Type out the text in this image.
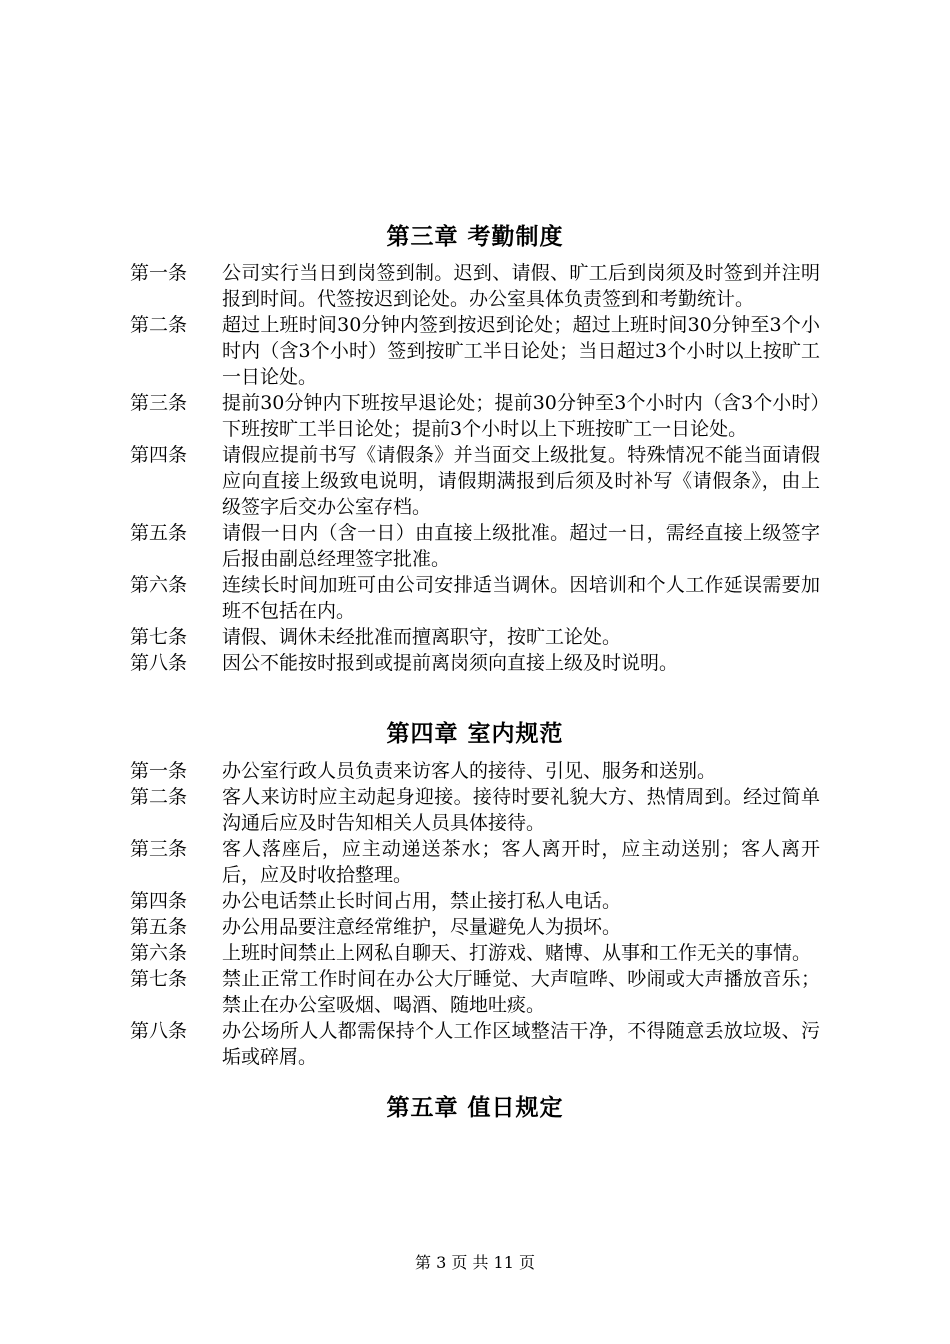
第三章 考勤制度
第一条	公司实行当日到岗签到制。迟到、请假、旷工后到岗须及时签到并注明报到时间。代签按迟到论处。办公室具体负责签到和考勤统计。
第二条	超过上班时间30分钟内签到按迟到论处；超过上班时间30分钟至3个小时内（含3个小时）签到按旷工半日论处；当日超过3个小时以上按旷工一日论处。
第三条	提前30分钟内下班按早退论处；提前30分钟至3个小时内（含3个小时）下班按旷工半日论处；提前3个小时以上下班按旷工一日论处。
第四条	请假应提前书写《请假条》并当面交上级批复。特殊情况不能当面请假应向直接上级致电说明，请假期满报到后须及时补写《请假条》，由上级签字后交办公室存档。
第五条	请假一日内（含一日）由直接上级批准。超过一日，需经直接上级签字后报由副总经理签字批准。
第六条	连续长时间加班可由公司安排适当调休。因培训和个人工作延误需要加班不包括在内。
第七条	请假、调休未经批准而擅离职守，按旷工论处。
第八条	因公不能按时报到或提前离岗须向直接上级及时说明。
第四章 室内规范
第一条	办公室行政人员负责来访客人的接待、引见、服务和送别。
第二条	客人来访时应主动起身迎接。接待时要礼貌大方、热情周到。经过简单沟通后应及时告知相关人员具体接待。
第三条	客人落座后，应主动递送茶水；客人离开时，应主动送别；客人离开后，应及时收拾整理。
第四条	办公电话禁止长时间占用，禁止接打私人电话。
第五条	办公用品要注意经常维护，尽量避免人为损坏。
第六条	上班时间禁止上网私自聊天、打游戏、赌博、从事和工作无关的事情。
第七条	禁止正常工作时间在办公大厅睡觉、大声喧哗、吵闹或大声播放音乐；禁止在办公室吸烟、喝酒、随地吐痰。
第八条	办公场所人人都需保持个人工作区域整洁干净，不得随意丢放垃圾、污垢或碎屑。
第五章 值日规定
第 3 页 共 11 页
